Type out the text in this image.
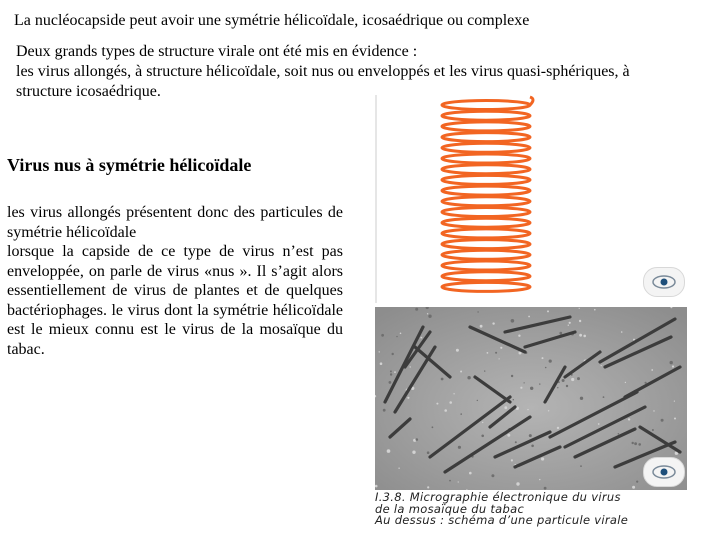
La nucléocapside peut avoir une symétrie hélicoïdale, icosaédrique ou complexe

Deux grands types de structure virale ont été mis en évidence :

les virus allongés, à structure hélicoïdale, soit nus ou enveloppés et les virus quasi-sphériques, à

structure icosaédrique.

Virus nus à symétrie hélicoïdale

les virus allongés présentent donc des particules de symétrie hélicoïdale

lorsque la capside de ce type de virus n’est pas enveloppée, on parle de virus «nus ». Il s’agit alors essentiellement de virus de plantes et de quelques bactériophages. le virus dont la symétrie hélicoïdale est le mieux connu est le virus de la mosaïque du tabac.

I.3.8. Micrographie électronique du virus
de la mosaïque du tabac
Au dessus : schéma d’une particule virale
